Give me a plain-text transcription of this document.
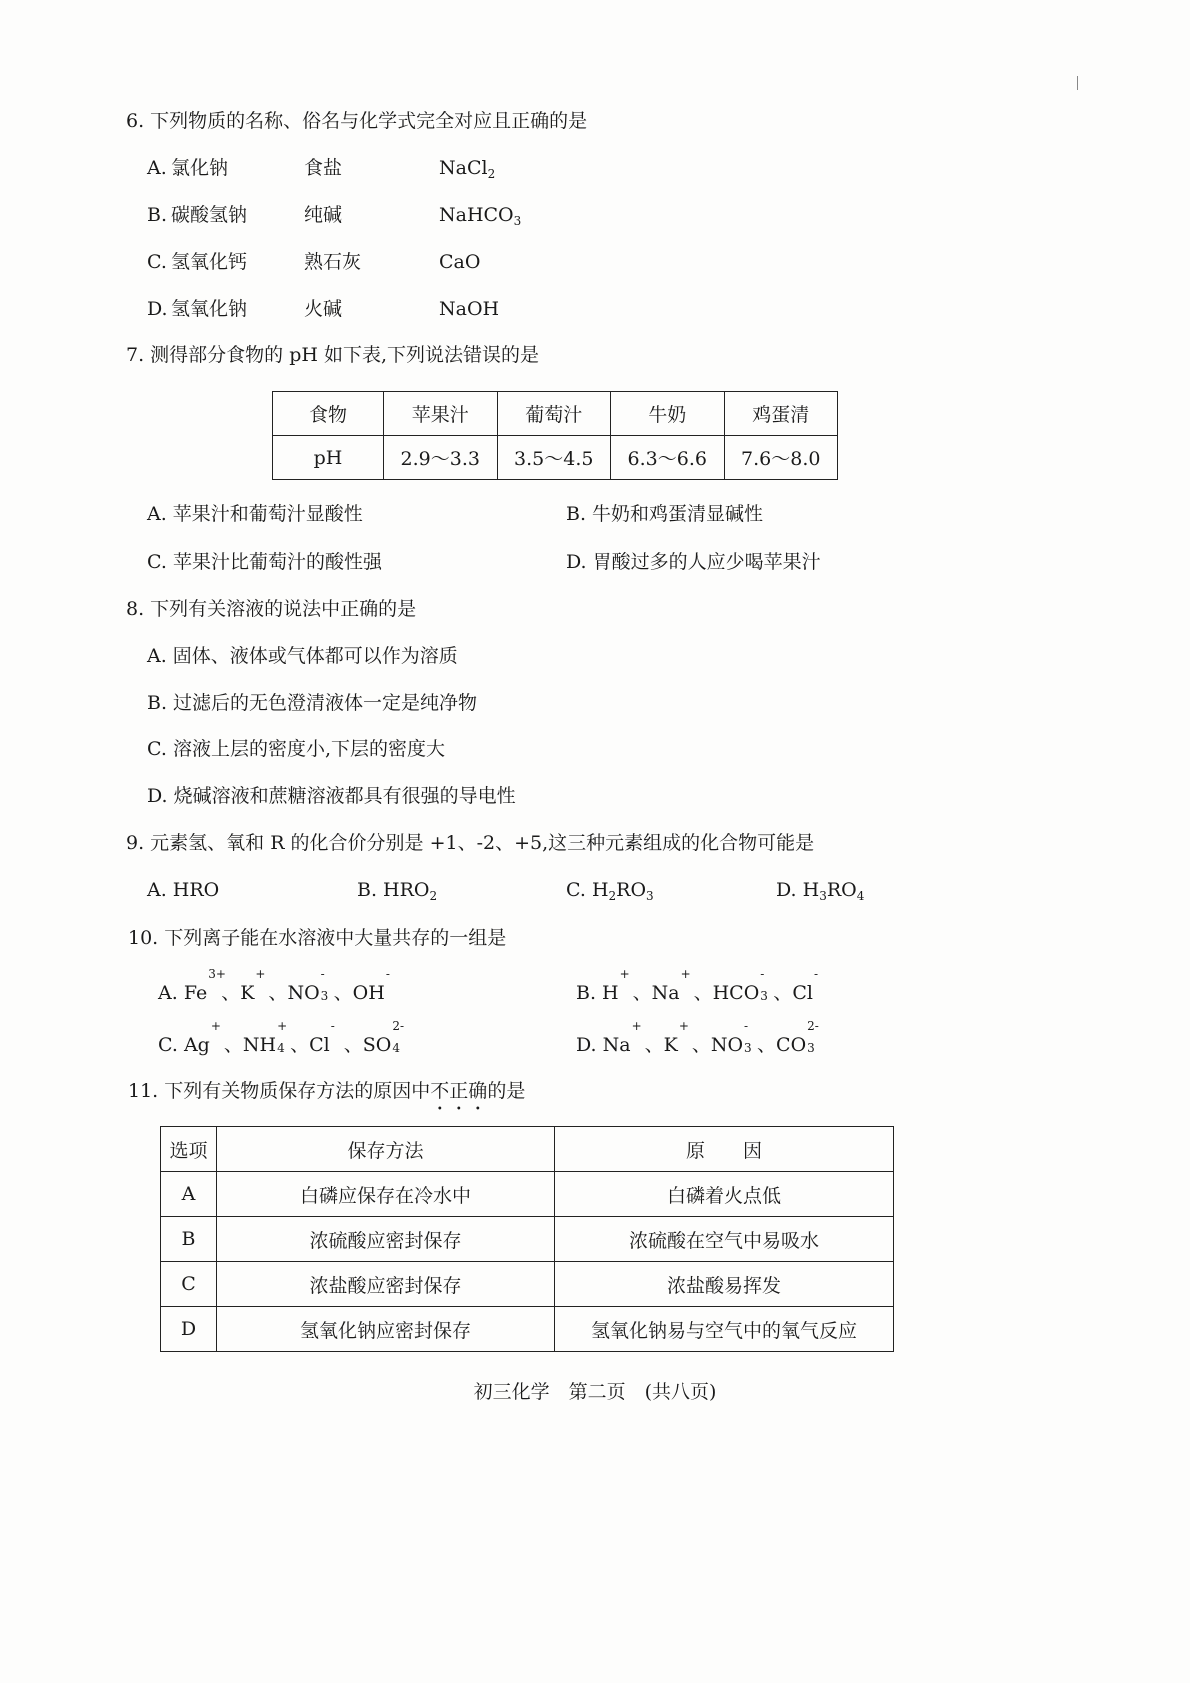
6. 下列物质的名称、俗名与化学式完全对应且正确的是
A. 氯化钠	食盐	NaCl$_2$
B. 碳酸氢钠	纯碱	NaHCO$_3$
C. 氢氧化钙	熟石灰	CaO
D. 氢氧化钠	火碱	NaOH
7. 测得部分食物的 pH 如下表,下列说法错误的是
食物	苹果汁	葡萄汁	牛奶	鸡蛋清
pH	2.9～3.3	3.5～4.5	6.3～6.6	7.6～8.0
A. 苹果汁和葡萄汁显酸性	B. 牛奶和鸡蛋清显碱性
C. 苹果汁比葡萄汁的酸性强	D. 胃酸过多的人应少喝苹果汁
8. 下列有关溶液的说法中正确的是
A. 固体、液体或气体都可以作为溶质
B. 过滤后的无色澄清液体一定是纯净物
C. 溶液上层的密度小,下层的密度大
D. 烧碱溶液和蔗糖溶液都具有很强的导电性
9. 元素氢、氧和 R 的化合价分别是 +1、-2、+5,这三种元素组成的化合物可能是
A. HRO	B. $HRO_2$	C. $H_2RO_3$	D. $H_3RO_4$
10. 下列离子能在水溶液中大量共存的一组是
A. Fe
3+
、K
+
、NO 3
-
、OH
-
B. H
+
、Na
+
、HCO 3
-
、Cl
-
C. Ag
+
、NH 4
+
、Cl
-
、SO 4
2-
D. Na
+
、K
+
、NO 3
-
、CO 3
2-
11. 下列有关物质保存方法的原因中不正确的是
选项	保存方法	原　　因
A	白磷应保存在冷水中	白磷着火点低
B	浓硫酸应密封保存	浓硫酸在空气中易吸水
C	浓盐酸应密封保存	浓盐酸易挥发
D	氢氧化钠应密封保存	氢氧化钠易与空气中的氧气反应
初三化学　第二页　(共八页)
